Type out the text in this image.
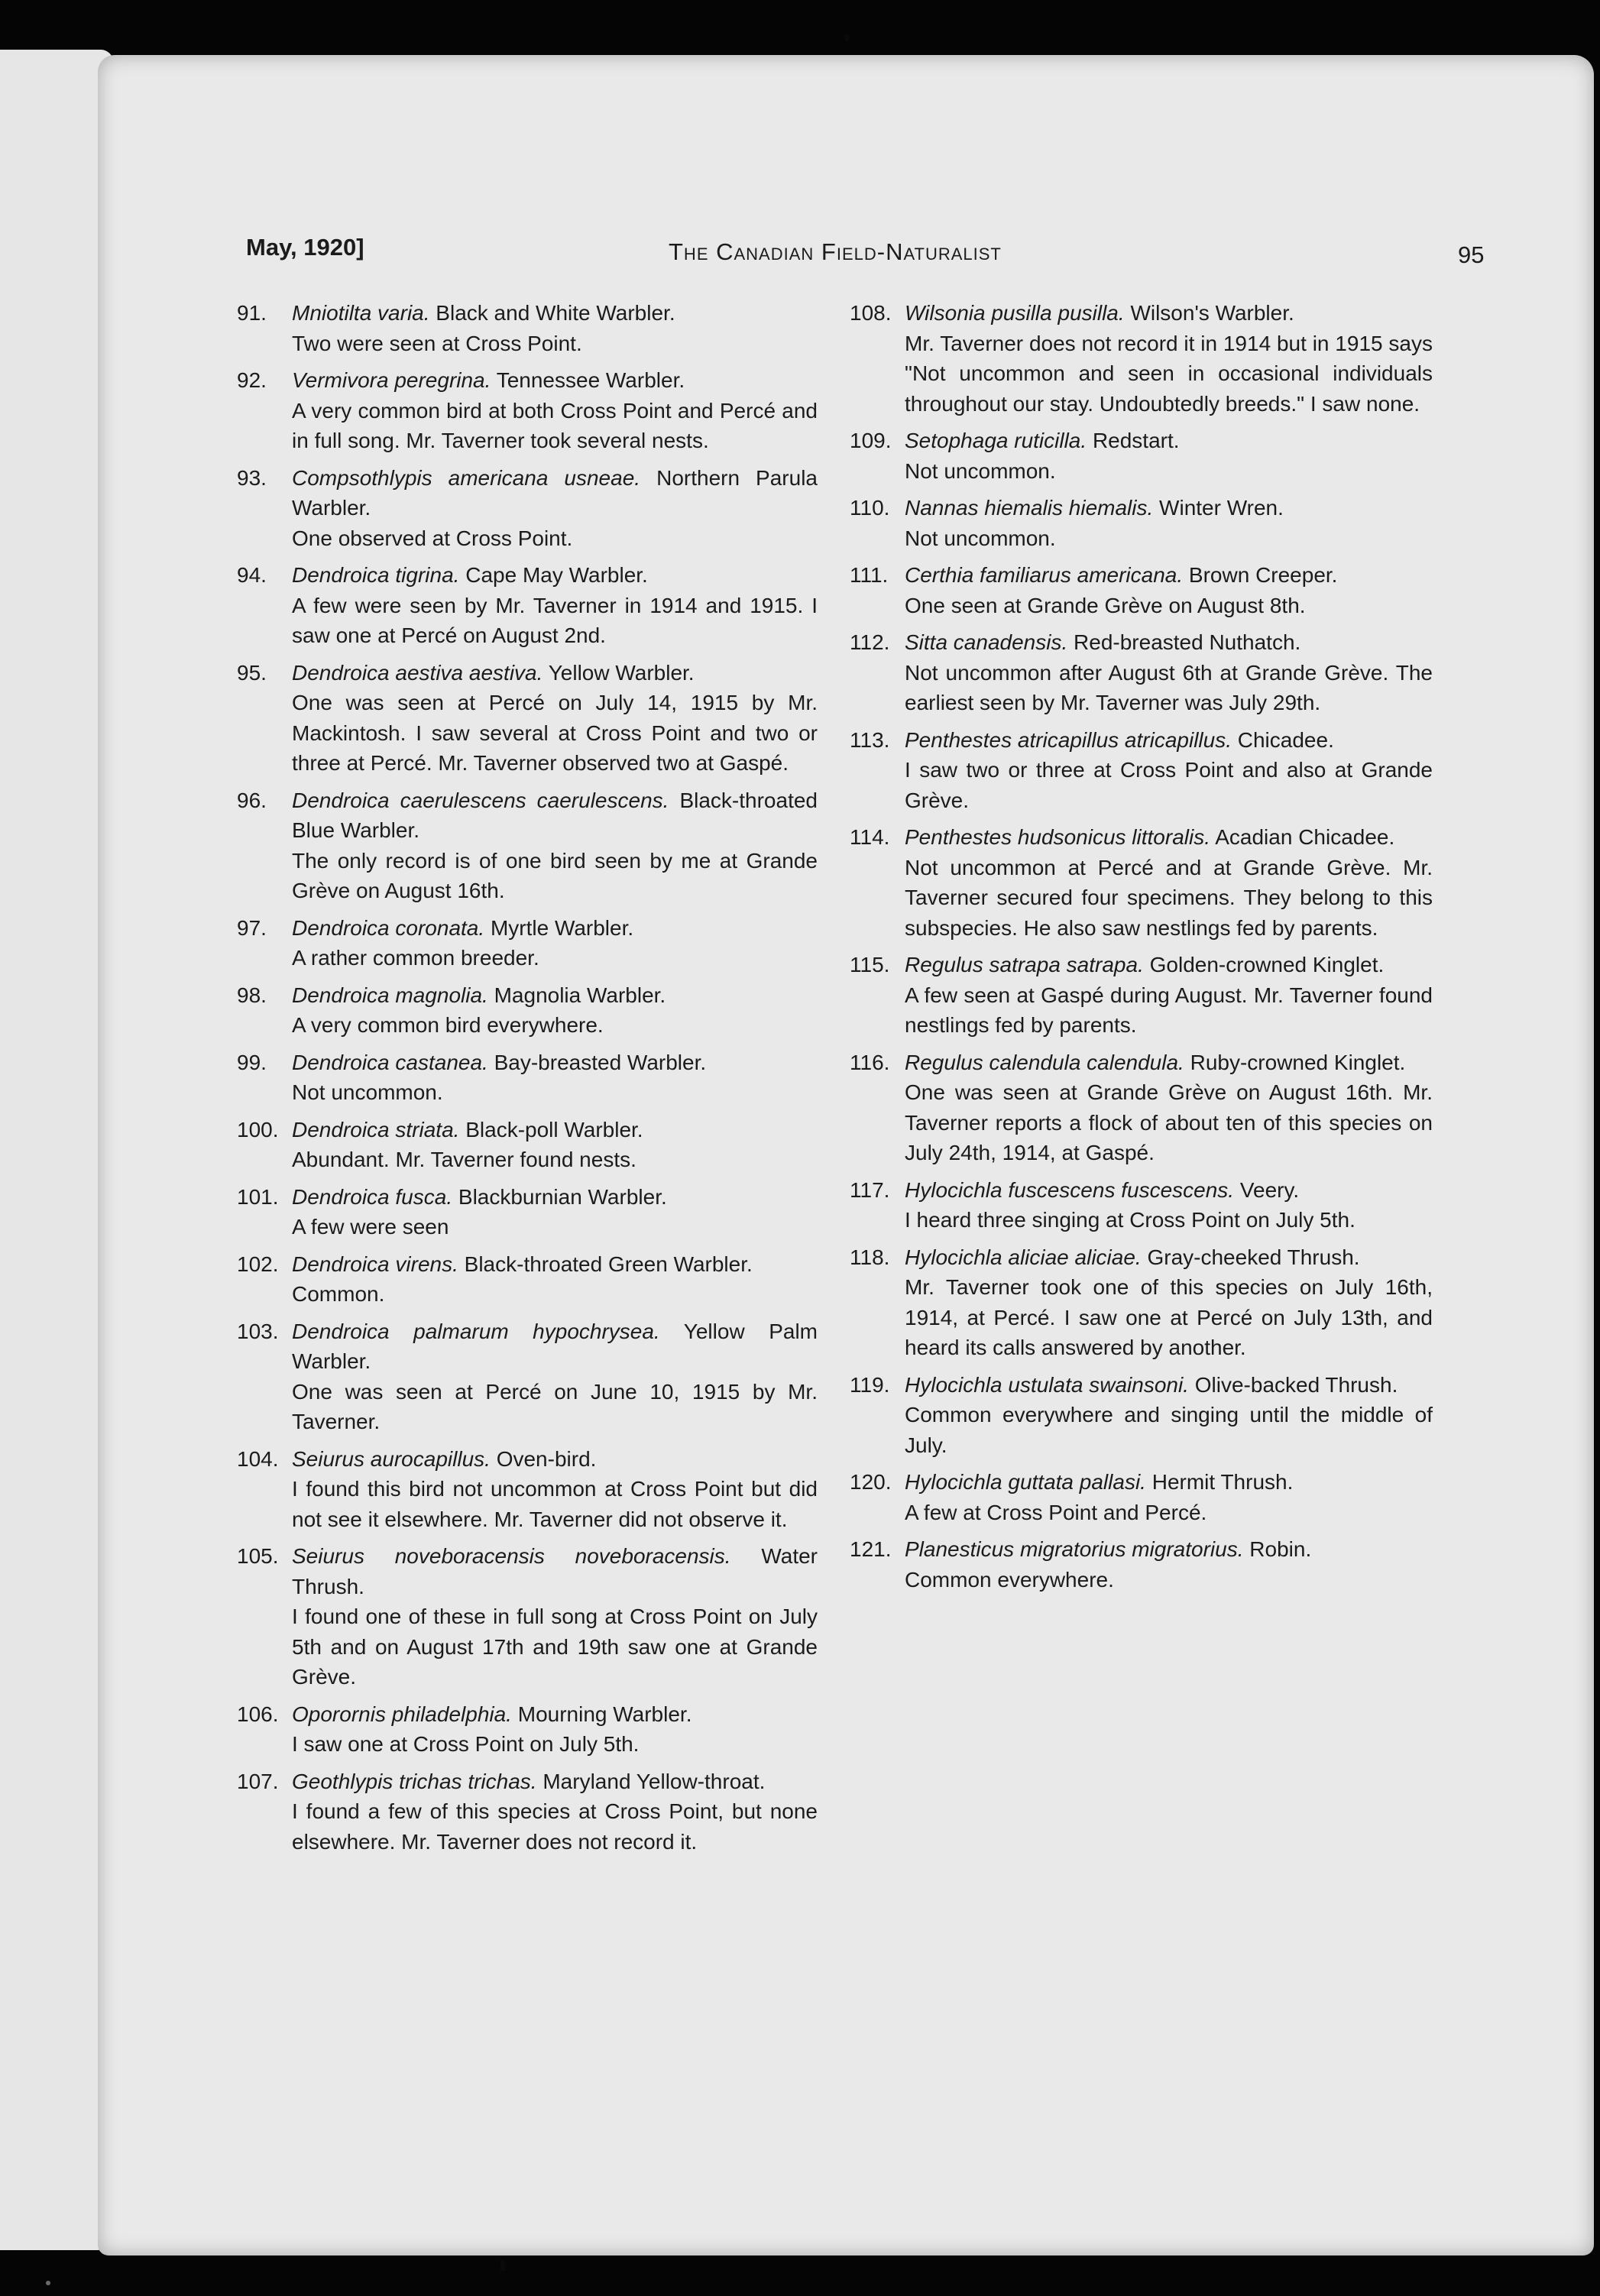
May, 1920]	The Canadian Field-Naturalist	95
91. Mniotilta varia. Black and White Warbler.
Two were seen at Cross Point.
92. Vermivora peregrina. Tennessee Warbler.
A very common bird at both Cross Point and Percé and in full song. Mr. Taverner took several nests.
93. Compsothlypis americana usneae. Northern Parula Warbler.
One observed at Cross Point.
94. Dendroica tigrina. Cape May Warbler.
A few were seen by Mr. Taverner in 1914 and 1915. I saw one at Percé on August 2nd.
95. Dendroica aestiva aestiva. Yellow Warbler.
One was seen at Percé on July 14, 1915 by Mr. Mackintosh. I saw several at Cross Point and two or three at Percé. Mr. Taverner observed two at Gaspé.
96. Dendroica caerulescens caerulescens. Black-throated Blue Warbler.
The only record is of one bird seen by me at Grande Grève on August 16th.
97. Dendroica coronata. Myrtle Warbler.
A rather common breeder.
98. Dendroica magnolia. Magnolia Warbler.
A very common bird everywhere.
99. Dendroica castanea. Bay-breasted Warbler.
Not uncommon.
100. Dendroica striata. Black-poll Warbler.
Abundant. Mr. Taverner found nests.
101. Dendroica fusca. Blackburnian Warbler.
A few were seen
102. Dendroica virens. Black-throated Green Warbler.
Common.
103. Dendroica palmarum hypochrysea. Yellow Palm Warbler.
One was seen at Percé on June 10, 1915 by Mr. Taverner.
104. Seiurus aurocapillus. Oven-bird.
I found this bird not uncommon at Cross Point but did not see it elsewhere. Mr. Taverner did not observe it.
105. Seiurus noveboracensis noveboracensis. Water Thrush.
I found one of these in full song at Cross Point on July 5th and on August 17th and 19th saw one at Grande Grève.
106. Oporornis philadelphia. Mourning Warbler.
I saw one at Cross Point on July 5th.
107. Geothlypis trichas trichas. Maryland Yellow-throat.
I found a few of this species at Cross Point, but none elsewhere. Mr. Taverner does not record it.
108. Wilsonia pusilla pusilla. Wilson's Warbler.
Mr. Taverner does not record it in 1914 but in 1915 says "Not uncommon and seen in occasional individuals throughout our stay. Undoubtedly breeds." I saw none.
109. Setophaga ruticilla. Redstart.
Not uncommon.
110. Nannas hiemalis hiemalis. Winter Wren.
Not uncommon.
111. Certhia familiarus americana. Brown Creeper.
One seen at Grande Grève on August 8th.
112. Sitta canadensis. Red-breasted Nuthatch.
Not uncommon after August 6th at Grande Grève. The earliest seen by Mr. Taverner was July 29th.
113. Penthestes atricapillus atricapillus. Chicadee.
I saw two or three at Cross Point and also at Grande Grève.
114. Penthestes hudsonicus littoralis. Acadian Chicadee.
Not uncommon at Percé and at Grande Grève. Mr. Taverner secured four specimens. They belong to this subspecies. He also saw nestlings fed by parents.
115. Regulus satrapa satrapa. Golden-crowned Kinglet.
A few seen at Gaspé during August. Mr. Taverner found nestlings fed by parents.
116. Regulus calendula calendula. Ruby-crowned Kinglet.
One was seen at Grande Grève on August 16th. Mr. Taverner reports a flock of about ten of this species on July 24th, 1914, at Gaspé.
117. Hylocichla fuscescens fuscescens. Veery.
I heard three singing at Cross Point on July 5th.
118. Hylocichla aliciae aliciae. Gray-cheeked Thrush.
Mr. Taverner took one of this species on July 16th, 1914, at Percé. I saw one at Percé on July 13th, and heard its calls answered by another.
119. Hylocichla ustulata swainsoni. Olive-backed Thrush.
Common everywhere and singing until the middle of July.
120. Hylocichla guttata pallasi. Hermit Thrush.
A few at Cross Point and Percé.
121. Planesticus migratorius migratorius. Robin.
Common everywhere.
